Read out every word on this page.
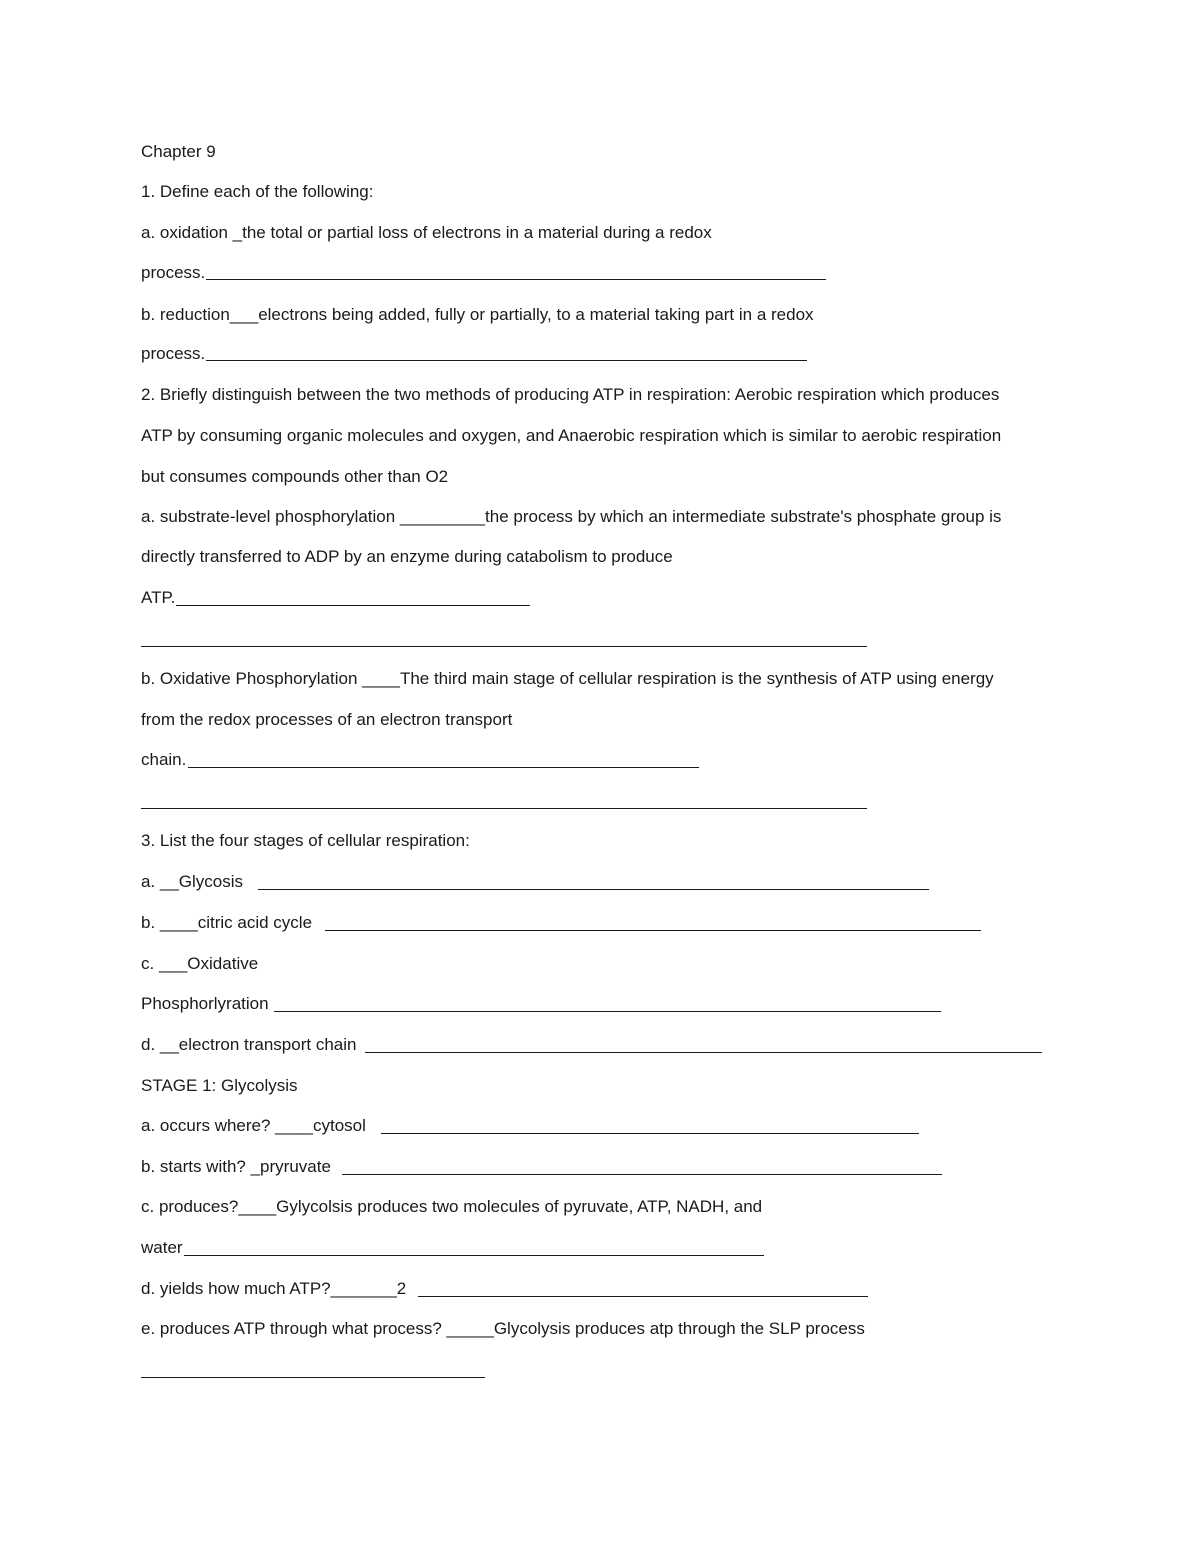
Chapter 9
1. Define each of the following:
a. oxidation _the total or partial loss of electrons in a material during a redox
process.
b. reduction___electrons being added, fully or partially, to a material taking part in a redox
process.
2. Briefly distinguish between the two methods of producing ATP in respiration: Aerobic respiration which produces
ATP by consuming organic molecules and oxygen, and Anaerobic respiration which is similar to aerobic respiration
but consumes compounds other than O2
a. substrate-level phosphorylation _________the process by which an intermediate substrate's phosphate group is
directly transferred to ADP by an enzyme during catabolism to produce
ATP.
b. Oxidative Phosphorylation ____The third main stage of cellular respiration is the synthesis of ATP using energy
from the redox processes of an electron transport
chain.
3. List the four stages of cellular respiration:
a. __Glycosis
b. ____citric acid cycle
c. ___Oxidative
Phosphorlyration
d. __electron transport chain
STAGE 1: Glycolysis
a. occurs where? ____cytosol
b. starts with? _pryruvate
c. produces?____Gylycolsis produces two molecules of pyruvate, ATP, NADH, and
water
d. yields how much ATP?_______2
e. produces ATP through what process? _____Glycolysis produces atp through the SLP process
